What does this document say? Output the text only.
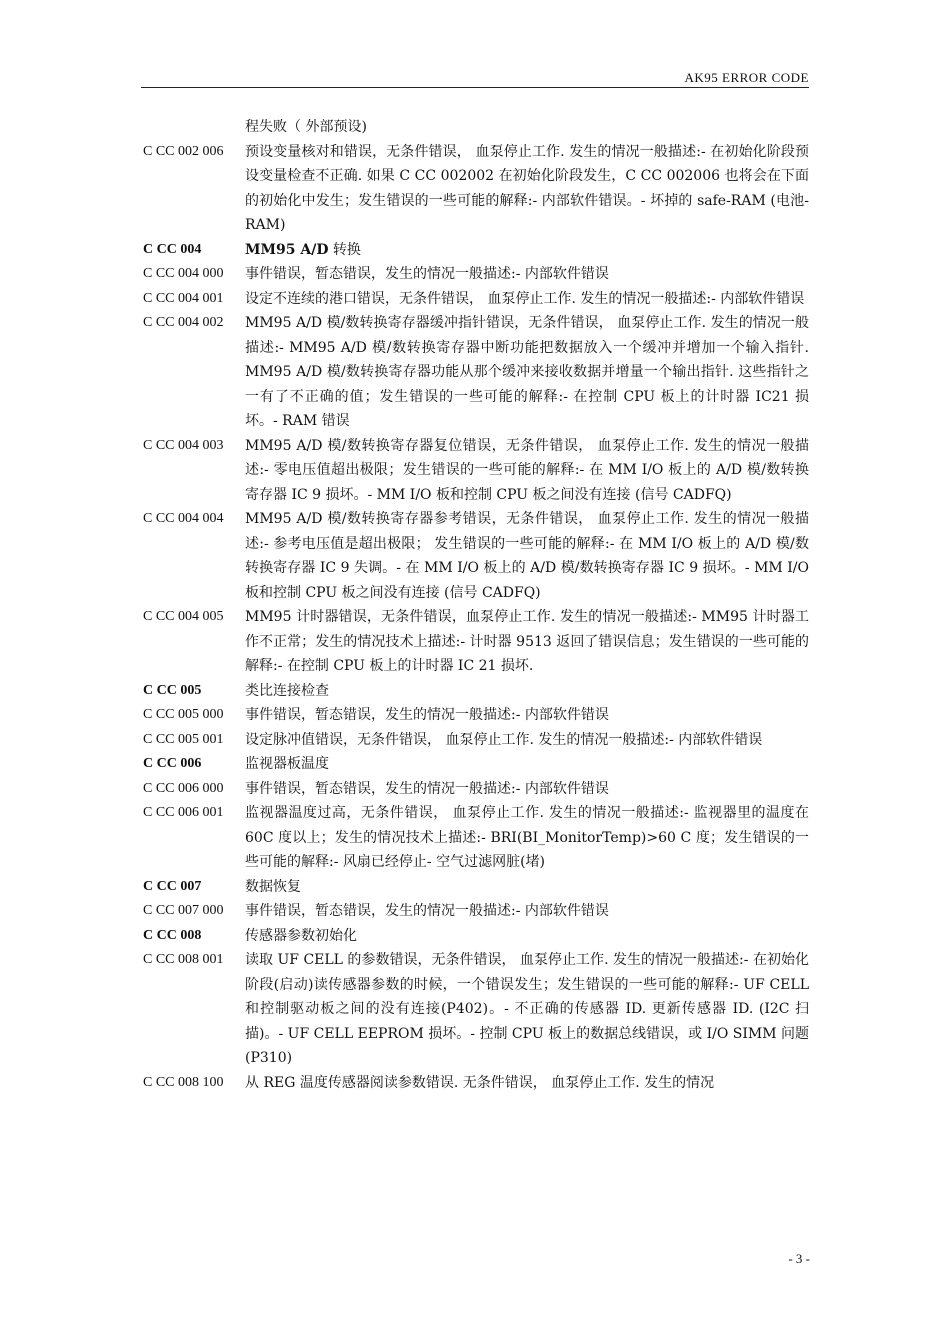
AK95 ERROR CODE
程失败（ 外部预设)
C CC 002 006	预设变量核对和错误，无条件错误， 血泵停止工作. 发生的情况一般描述:- 在初始化阶段预设变量检查不正确. 如果 C CC 002002 在初始化阶段发生，C CC 002006 也将会在下面的初始化中发生；发生错误的一些可能的解释:- 内部软件错误。- 坏掉的 safe-RAM (电池- RAM)
C CC 004	MM95 A/D 转换
C CC 004 000	事件错误，暂态错误，发生的情况一般描述:- 内部软件错误
C CC 004 001	设定不连续的港口错误，无条件错误， 血泵停止工作. 发生的情况一般描述:- 内部软件错误
C CC 004 002	MM95 A/D 模/数转换寄存器缓冲指针错误，无条件错误， 血泵停止工作. 发生的情况一般描述:- MM95 A/D 模/数转换寄存器中断功能把数据放入一个缓冲并增加一个输入指针. MM95 A/D 模/数转换寄存器功能从那个缓冲来接收数据并增量一个输出指针. 这些指针之一有了不正确的值；发生错误的一些可能的解释:- 在控制 CPU 板上的计时器 IC21 损坏。- RAM 错误
C CC 004 003	MM95 A/D 模/数转换寄存器复位错误，无条件错误， 血泵停止工作. 发生的情况一般描述:- 零电压值超出极限；发生错误的一些可能的解释:- 在 MM I/O 板上的 A/D 模/数转换寄存器 IC 9 损坏。- MM I/O 板和控制 CPU 板之间没有连接 (信号 CADFQ)
C CC 004 004	MM95 A/D 模/数转换寄存器参考错误，无条件错误， 血泵停止工作. 发生的情况一般描述:- 参考电压值是超出极限； 发生错误的一些可能的解释:- 在 MM I/O 板上的 A/D 模/数转换寄存器 IC 9 失调。- 在 MM I/O 板上的 A/D 模/数转换寄存器 IC 9 损坏。- MM I/O 板和控制 CPU 板之间没有连接 (信号 CADFQ)
C CC 004 005	MM95 计时器错误，无条件错误，血泵停止工作. 发生的情况一般描述:- MM95 计时器工作不正常；发生的情况技术上描述:- 计时器 9513 返回了错误信息；发生错误的一些可能的解释:- 在控制 CPU 板上的计时器 IC 21 损坏.
C CC 005	类比连接检查
C CC 005 000	事件错误，暂态错误，发生的情况一般描述:- 内部软件错误
C CC 005 001	设定脉冲值错误，无条件错误， 血泵停止工作. 发生的情况一般描述:- 内部软件错误
C CC 006	监视器板温度
C CC 006 000	事件错误，暂态错误，发生的情况一般描述:- 内部软件错误
C CC 006 001	监视器温度过高，无条件错误， 血泵停止工作. 发生的情况一般描述:- 监视器里的温度在 60C 度以上；发生的情况技术上描述:- BRI(BI_MonitorTemp)>60 C 度；发生错误的一些可能的解释:- 风扇已经停止- 空气过滤网脏(堵)
C CC 007	数据恢复
C CC 007 000	事件错误，暂态错误，发生的情况一般描述:- 内部软件错误
C CC 008	传感器参数初始化
C CC 008 001	读取 UF CELL 的参数错误，无条件错误， 血泵停止工作. 发生的情况一般描述:- 在初始化阶段(启动)读传感器参数的时候，一个错误发生；发生错误的一些可能的解释:- UF CELL 和控制驱动板之间的没有连接(P402)。- 不正确的传感器 ID. 更新传感器 ID. (I2C 扫描)。- UF CELL EEPROM 损坏。- 控制 CPU 板上的数据总线错误，或 I/O SIMM 问题(P310)
C CC 008 100	从 REG 温度传感器阅读参数错误. 无条件错误， 血泵停止工作. 发生的情况
- 3 -
